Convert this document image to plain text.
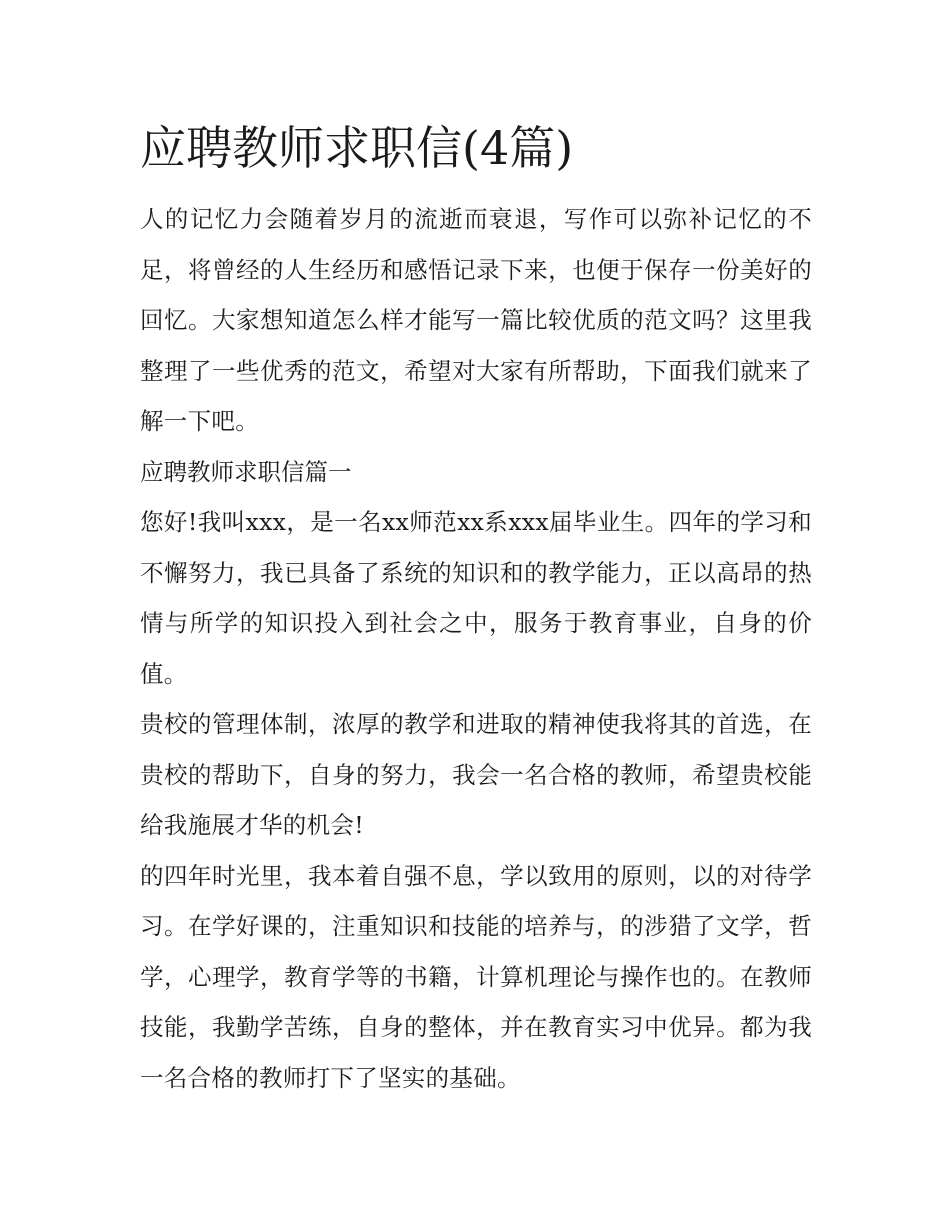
应聘教师求职信(4篇)

人的记忆力会随着岁月的流逝而衰退，写作可以弥补记忆的不足，将曾经的人生经历和感悟记录下来，也便于保存一份美好的回忆。大家想知道怎么样才能写一篇比较优质的范文吗？这里我整理了一些优秀的范文，希望对大家有所帮助，下面我们就来了解一下吧。

应聘教师求职信篇一

您好!我叫xxx，是一名xx师范xx系xxx届毕业生。四年的学习和不懈努力，我已具备了系统的知识和的教学能力，正以高昂的热情与所学的知识投入到社会之中，服务于教育事业，自身的价值。

贵校的管理体制，浓厚的教学和进取的精神使我将其的首选，在贵校的帮助下，自身的努力，我会一名合格的教师，希望贵校能给我施展才华的机会!

的四年时光里，我本着自强不息，学以致用的原则，以的对待学习。在学好课的，注重知识和技能的培养与，的涉猎了文学，哲学，心理学，教育学等的书籍，计算机理论与操作也的。在教师技能，我勤学苦练，自身的整体，并在教育实习中优异。都为我一名合格的教师打下了坚实的基础。
